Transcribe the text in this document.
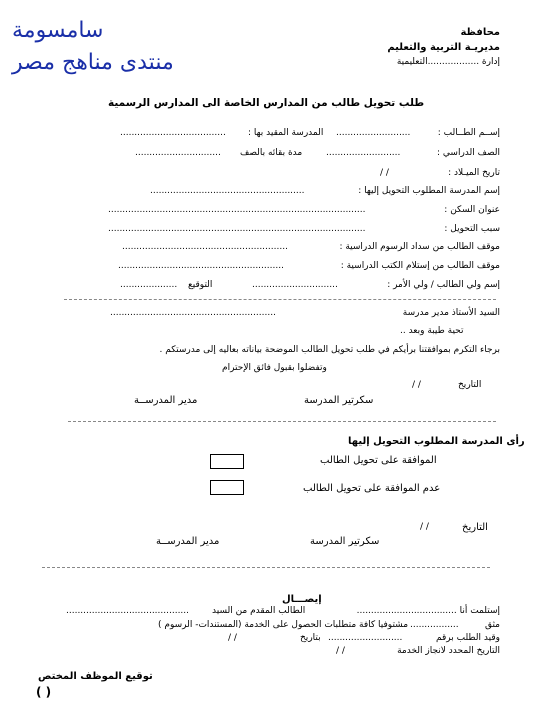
سامسومة
منتدى مناهج مصر
محافظة
مديريـة التربية والتعليم
إدارة ..................التعليمية
طلب تحويل طالب من المدارس الخاصة الى المدارس الرسمية
إســم الطــالب :
..........................
المدرسة المقيد بها :
.....................................
الصف الدراسي :
..........................
مدة بقائه بالصف
..............................
تاريخ الميـلاد :
/ /
إسم المدرسة المطلوب التحويل إليها :
......................................................
عنوان السكن :
..........................................................................................
سبب التحويل :
..........................................................................................
موقف الطالب من سداد الرسوم الدراسية :
..........................................................
موقف الطالب من إستلام الكتب الدراسية :
..........................................................
إسم ولي الطالب / ولي الأمر :
..............................
التوقيع
....................
السيد الأستاذ مدير مدرسة
..........................................................
تحية طيبة وبعد ..
برجاء التكرم بموافقتنا برأيكم في طلب تحويل الطالب الموضحة بياناته بعاليه إلى مدرستكم .
وتفضلوا بقبول فائق الإحترام
التاريخ
/ /
سكرتير المدرسة
مدير المدرســة
رأى المدرسة المطلوب التحويل إليها
الموافقة على تحويل الطالب
عدم الموافقة على تحويل الطالب
التاريخ
/ /
سكرتير المدرسة
مدير المدرســة
إيصـــال
إستلمت أنا ...................................
الطالب المقدم من السيد
...........................................
مثق
.................
مشتوفيا كافة متطلبات الحصول على الخدمة (المستندات- الرسوم )
وقيد الطلب برقم
..........................
بتاريخ
/ /
التاريخ المحدد لانجاز الخدمة
/ /
توقيع الموظف المختص
( )
